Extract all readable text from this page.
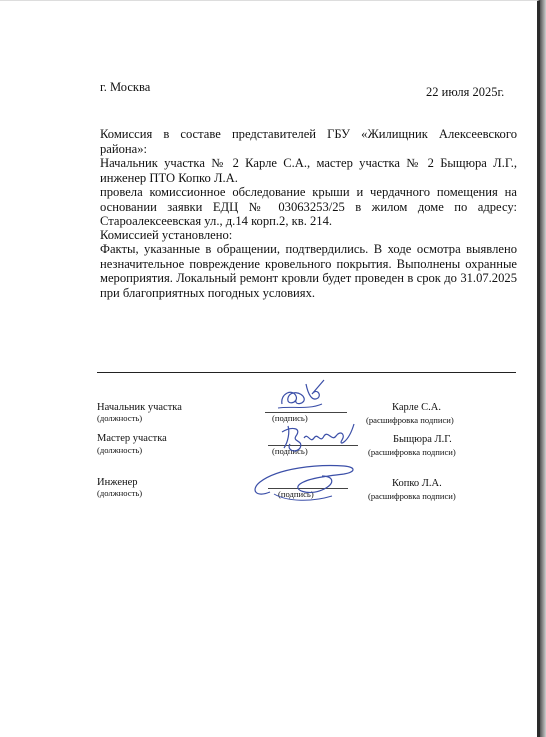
г. Москва	22 июля 2025г.
Комиссия в составе представителей ГБУ «Жилищник Алексеевского района»:
Начальник участка № 2 Карле С.А., мастер участка № 2 Быщюра Л.Г., инженер ПТО Копко Л.А.
провела комиссионное обследование крыши и чердачного помещения на основании заявки ЕДЦ № 03063253/25 в жилом доме по адресу: Старoалексеевская ул., д.14 корп.2, кв. 214.
Комиссией установлено:
Факты, указанные в обращении, подтвердились. В ходе осмотра выявлено незначительное повреждение кровельного покрытия. Выполнены охранные мероприятия. Локальный ремонт кровли будет проведен в срок до 31.07.2025 при благоприятных погодных условиях.
Начальник участка
(должность)	(подпись)
Карле С.А.
(расшифровка подписи)
Мастер участка
(должность)	(подпись)
Быщюра Л.Г.
(расшифровка подписи)
Инженер
(должность)	(подпись)
Копко Л.А.
(расшифровка подписи)
